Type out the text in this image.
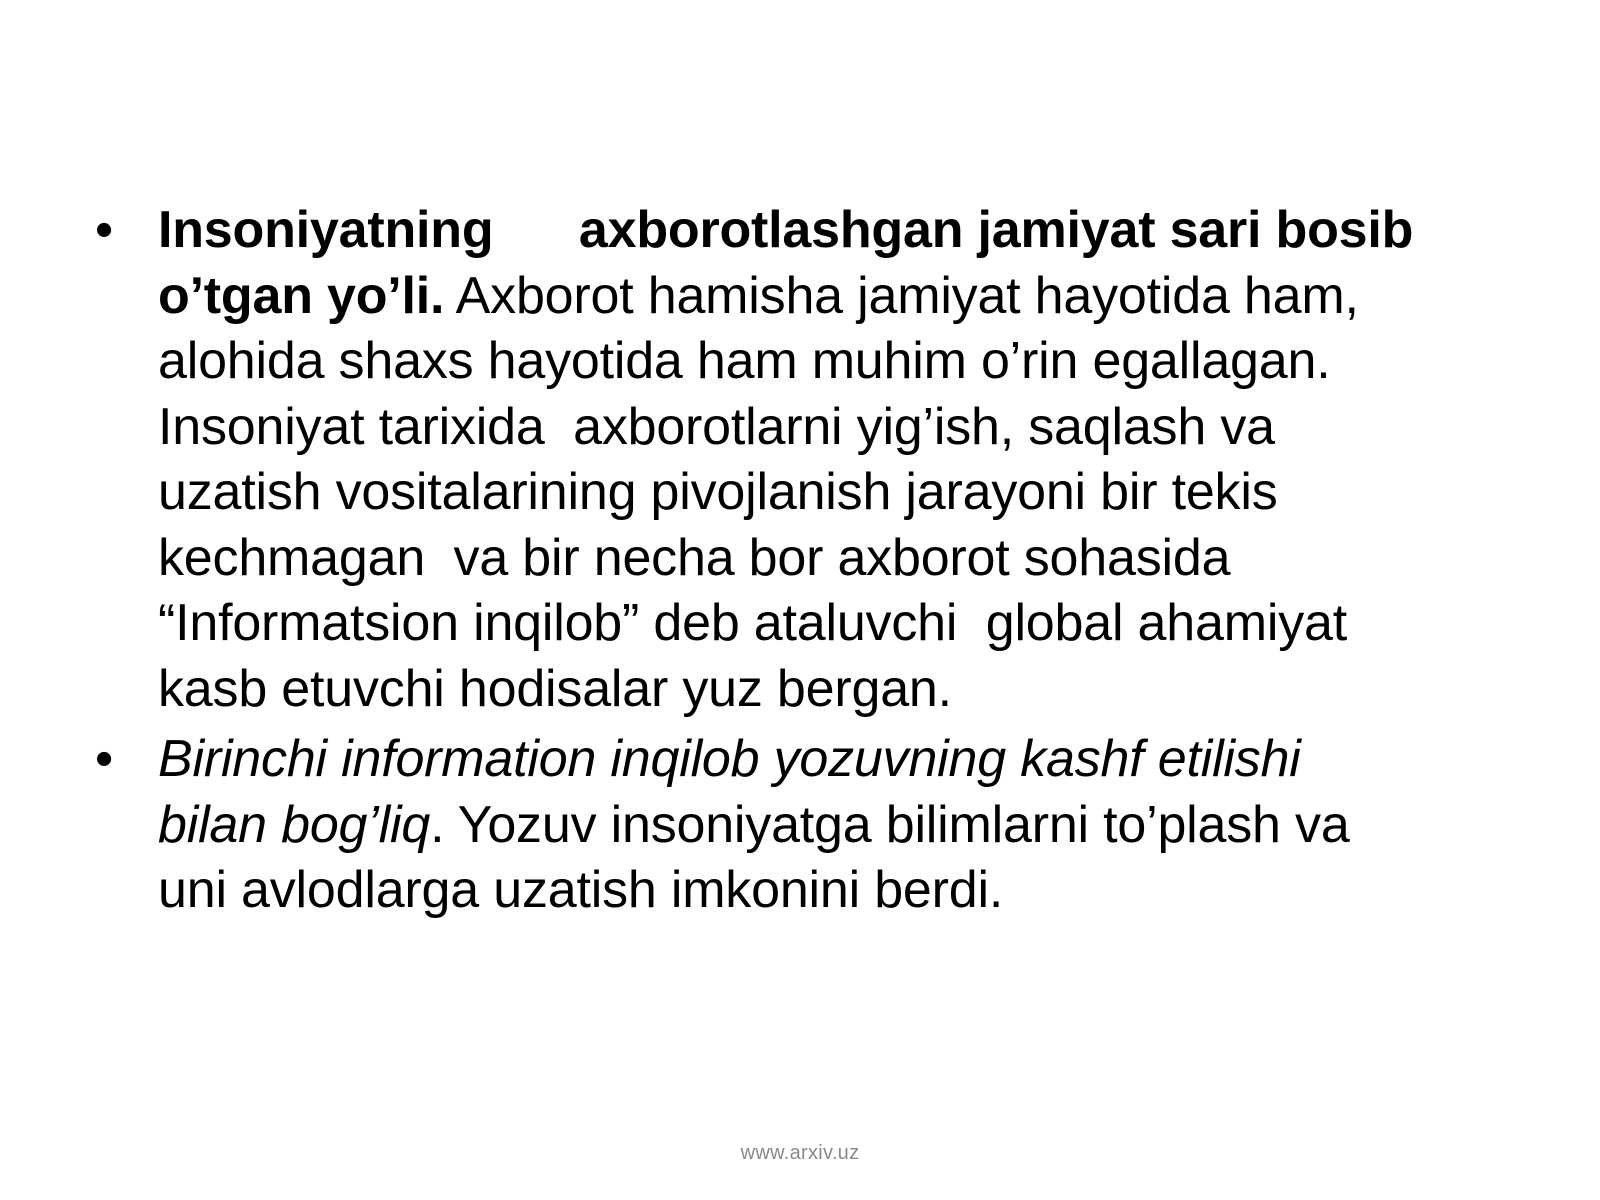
• Insoniyatning      axborotlashgan jamiyat sari bosib
o’tgan yo’li. Axborot hamisha jamiyat hayotida ham,
alohida shaxs hayotida ham muhim o’rin egallagan.
Insoniyat tarixida  axborotlarni yig’ish, saqlash va
uzatish vositalarining pivojlanish jarayoni bir tekis
kechmagan  va bir necha bor axborot sohasida
“Informatsion inqilob” deb ataluvchi  global ahamiyat
kasb etuvchi hodisalar yuz bergan.
• Birinchi information inqilob yozuvning kashf etilishi
bilan bog’liq. Yozuv insoniyatga bilimlarni to’plash va
uni avlodlarga uzatish imkonini berdi.
www.arxiv.uz
